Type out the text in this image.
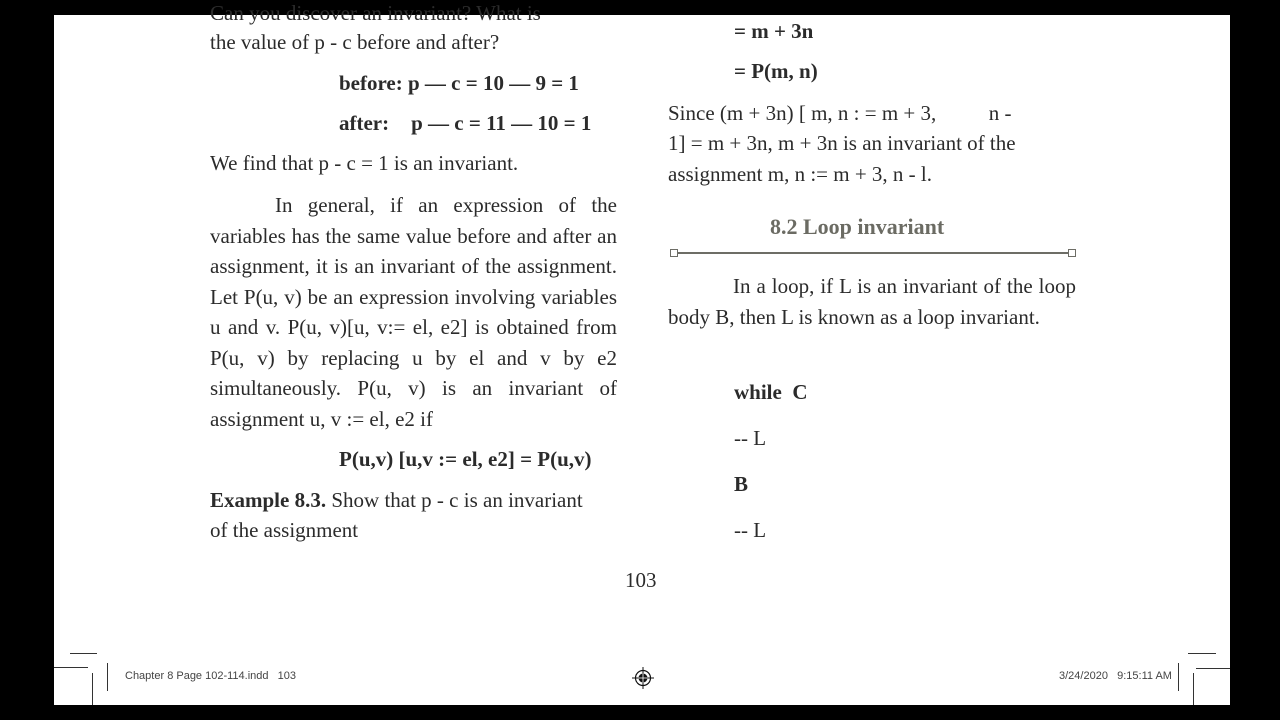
Can you discover an invariant? What is
the value of p - c before and after?
before: p — c = 10 — 9 = 1
after: p — c = 11 — 10 = 1
We find that p - c = 1 is an invariant.
In general, if an expression of the variables has the same value before and after an assignment, it is an invariant of the assignment. Let P(u, v) be an expression involving variables u and v. P(u, v)[u, v:= el, e2] is obtained from P(u, v) by replacing u by el and v by e2 simultaneously. P(u, v) is an invariant of assignment u, v := el, e2 if
P(u,v) [u,v := el, e2] = P(u,v)
Example 8.3. Show that p - c is an invariant
of the assignment
= m + 3n
= P(m, n)
Since (m + 3n) [ m, n : = m + 3,          n -
1] = m + 3n, m + 3n is an invariant of the
assignment m, n := m + 3, n - l.
8.2 Loop invariant
In a loop, if L is an invariant of the loop body B, then L is known as a loop invariant.
while  C
-- L
B
-- L
103
Chapter 8 Page 102-114.indd   103	3/24/2020   9:15:11 AM
